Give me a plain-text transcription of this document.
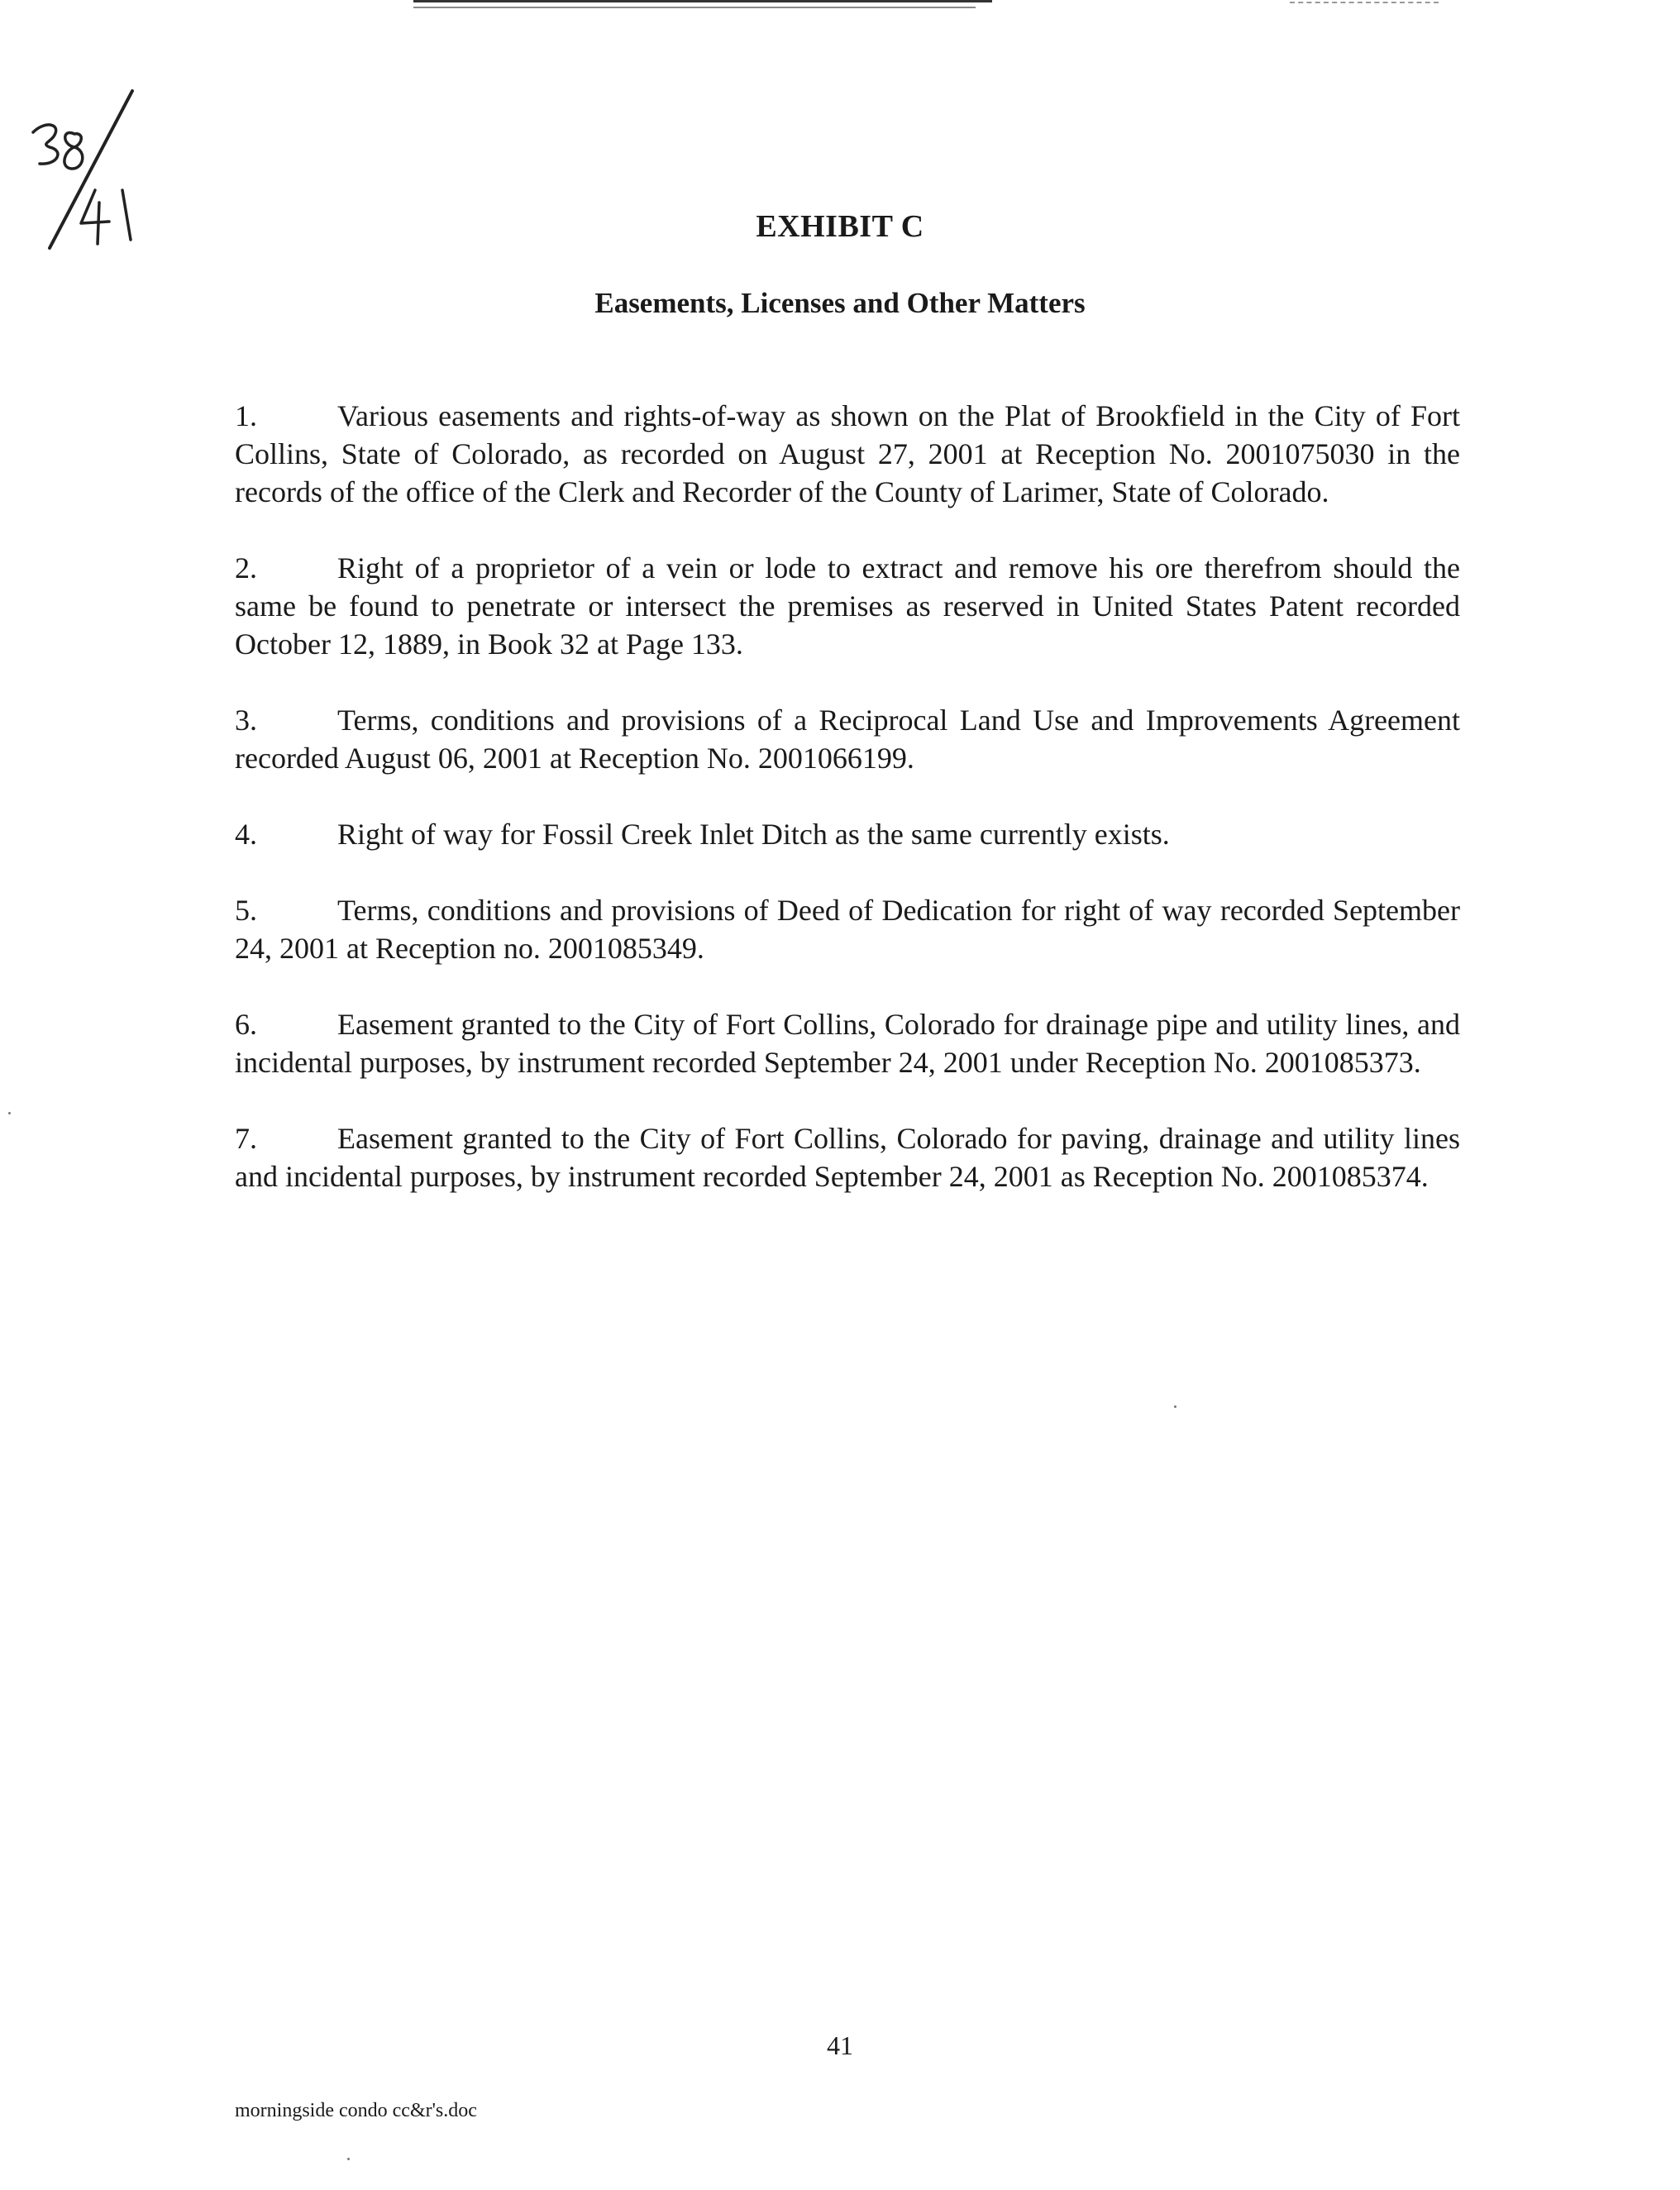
EXHIBIT C
Easements, Licenses and Other Matters
1.	Various easements and rights-of-way as shown on the Plat of Brookfield in the City of Fort Collins, State of Colorado, as recorded on August 27, 2001 at Reception No. 2001075030 in the records of the office of the Clerk and Recorder of the County of Larimer, State of Colorado.
2.	Right of a proprietor of a vein or lode to extract and remove his ore therefrom should the same be found to penetrate or intersect the premises as reserved in United States Patent recorded October 12, 1889, in Book 32 at Page 133.
3.	Terms, conditions and provisions of a Reciprocal Land Use and Improvements Agreement recorded August 06, 2001 at Reception No. 2001066199.
4.	Right of way for Fossil Creek Inlet Ditch as the same currently exists.
5.	Terms, conditions and provisions of Deed of Dedication for right of way recorded September 24, 2001 at Reception no. 2001085349.
6.	Easement granted to the City of Fort Collins, Colorado for drainage pipe and utility lines, and incidental purposes, by instrument recorded September 24, 2001 under Reception No. 2001085373.
7.	Easement granted to the City of Fort Collins, Colorado for paving, drainage and utility lines and incidental purposes, by instrument recorded September 24, 2001 as Reception No. 2001085374.
41
morningside condo cc&r's.doc
